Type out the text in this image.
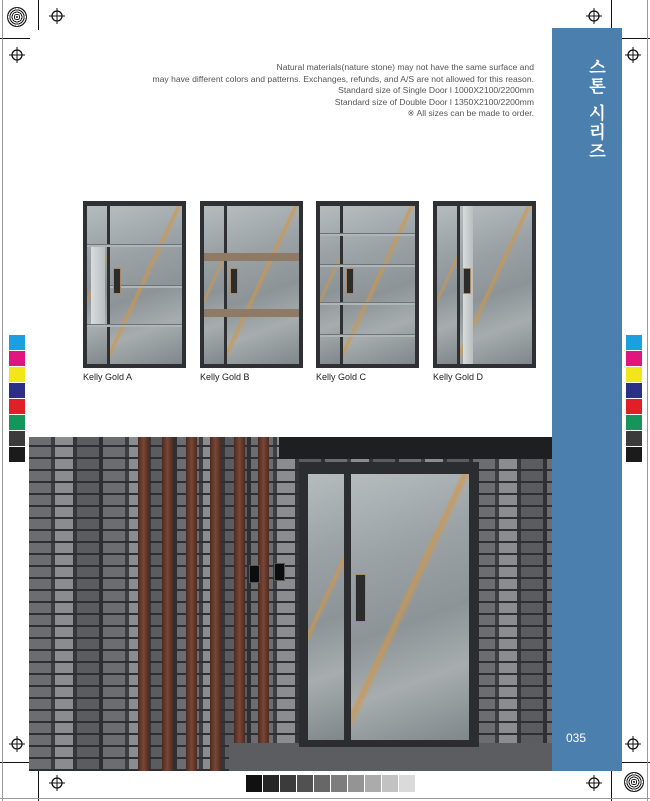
Natural materials(nature stone) may not have the same surface and
may have different colors and patterns. Exchanges, refunds, and A/S are not allowed for this reason.
Standard size of Single Door l 1000X2100/2200mm
Standard size of Double Door l 1350X2100/2200mm
※ All sizes can be made to order.
Kelly Gold A	Kelly Gold B	Kelly Gold C	Kelly Gold D
스톤 시리즈
035
